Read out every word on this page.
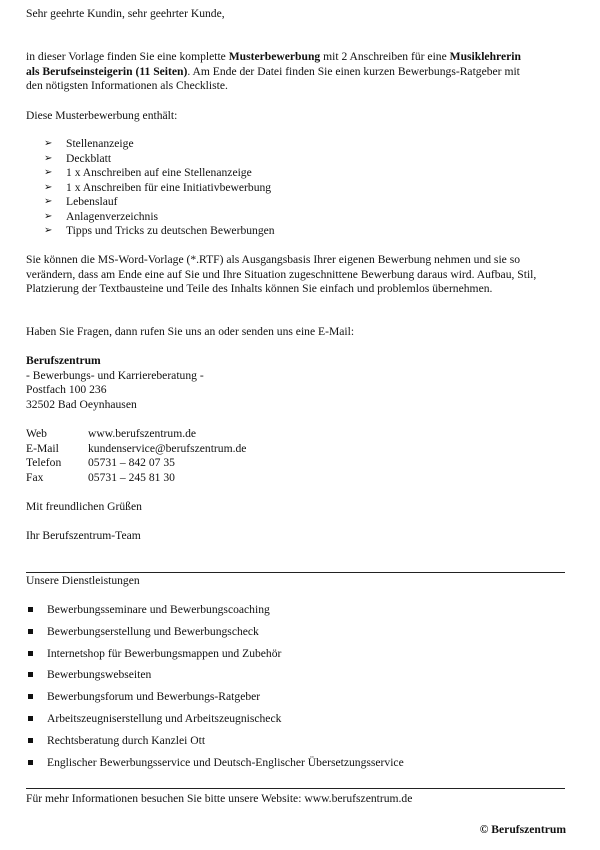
Sehr geehrte Kundin, sehr geehrter Kunde,

in dieser Vorlage finden Sie eine komplette Musterbewerbung mit 2 Anschreiben für eine Musiklehrerin als Berufseinsteigerin (11 Seiten). Am Ende der Datei finden Sie einen kurzen Bewerbungs-Ratgeber mit den nötigsten Informationen als Checkliste.

Diese Musterbewerbung enthält:

➢ Stellenanzeige
➢ Deckblatt
➢ 1 x Anschreiben auf eine Stellenanzeige
➢ 1 x Anschreiben für eine Initiativbewerbung
➢ Lebenslauf
➢ Anlagenverzeichnis
➢ Tipps und Tricks zu deutschen Bewerbungen

Sie können die MS-Word-Vorlage (*.RTF) als Ausgangsbasis Ihrer eigenen Bewerbung nehmen und sie so verändern, dass am Ende eine auf Sie und Ihre Situation zugeschnittene Bewerbung daraus wird. Aufbau, Stil, Platzierung der Textbausteine und Teile des Inhalts können Sie einfach und problemlos übernehmen.

Haben Sie Fragen, dann rufen Sie uns an oder senden uns eine E-Mail:

Berufszentrum
- Bewerbungs- und Karriereberatung -
Postfach 100 236
32502 Bad Oeynhausen
Web	www.berufszentrum.de
E-Mail	kundenservice@berufszentrum.de
Telefon	05731 – 842 07 35
Fax	05731 – 245 81 30

Mit freundlichen Grüßen

Ihr Berufszentrum-Team

Unsere Dienstleistungen

Bewerbungsseminare und Bewerbungscoaching
Bewerbungserstellung und Bewerbungscheck
Internetshop für Bewerbungsmappen und Zubehör
Bewerbungswebseiten
Bewerbungsforum und Bewerbungs-Ratgeber
Arbeitszeugniserstellung und Arbeitszeugnischeck
Rechtsberatung durch Kanzlei Ott
Englischer Bewerbungsservice und Deutsch-Englischer Übersetzungsservice

Für mehr Informationen besuchen Sie bitte unsere Website: www.berufszentrum.de

© Berufszentrum
